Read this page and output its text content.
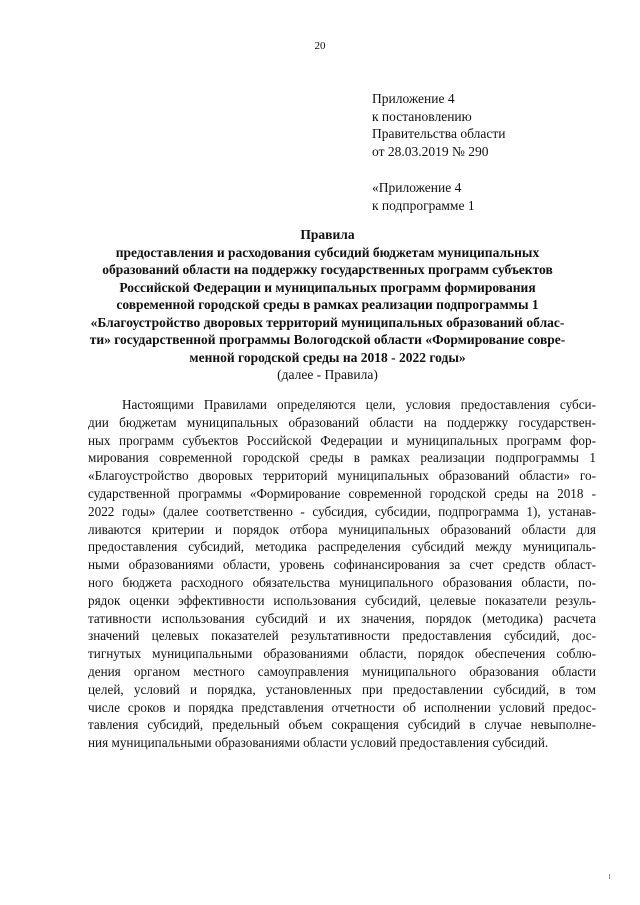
20
Приложение 4
к постановлению
Правительства области
от 28.03.2019 № 290
«Приложение 4
к подпрограмме 1
Правила
предоставления и расходования субсидий бюджетам муниципальных
образований области на поддержку государственных программ субъектов
Российской Федерации и муниципальных программ формирования
современной городской среды в рамках реализации подпрограммы 1
«Благоустройство дворовых территорий муниципальных образований облас-
ти» государственной программы Вологодской области «Формирование совре-
менной городской среды на 2018 - 2022 годы»
(далее - Правила)
Настоящими Правилами определяются цели, условия предоставления субси-
дии бюджетам муниципальных образований области на поддержку государствен-
ных программ субъектов Российской Федерации и муниципальных программ фор-
мирования современной городской среды в рамках реализации подпрограммы 1
«Благоустройство дворовых территорий муниципальных образований области» го-
сударственной программы «Формирование современной городской среды на 2018 -
2022 годы» (далее соответственно - субсидия, субсидии, подпрограмма 1), устанав-
ливаются критерии и порядок отбора муниципальных образований области для
предоставления субсидий, методика распределения субсидий между муниципаль-
ными образованиями области, уровень софинансирования за счет средств област-
ного бюджета расходного обязательства муниципального образования области, по-
рядок оценки эффективности использования субсидий, целевые показатели резуль-
тативности использования субсидий и их значения, порядок (методика) расчета
значений целевых показателей результативности предоставления субсидий, дос-
тигнутых муниципальными образованиями области, порядок обеспечения соблю-
дения органом местного самоуправления муниципального образования области
целей, условий и порядка, установленных при предоставлении субсидий, в том
числе сроков и порядка представления отчетности об исполнении условий предос-
тавления субсидий, предельный объем сокращения субсидий в случае невыполне-
ния муниципальными образованиями области условий предоставления субсидий.
